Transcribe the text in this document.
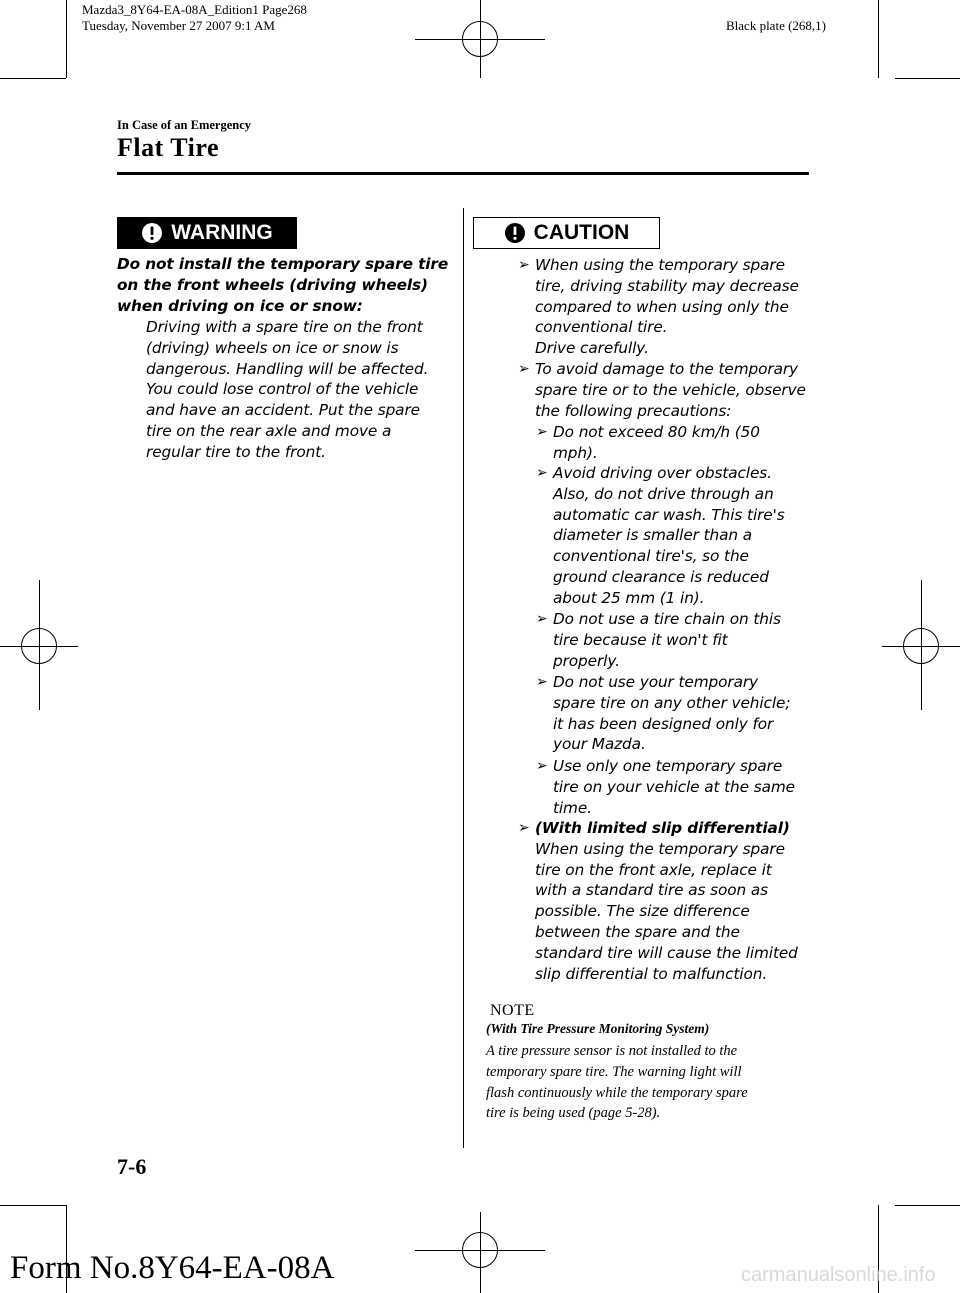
Mazda3_8Y64-EA-08A_Edition1 Page268
Tuesday, November 27 2007 9:1 AM	Black plate (268,1)
In Case of an Emergency
Flat Tire
WARNING
Do not install the temporary spare tire
on the front wheels (driving wheels)
when driving on ice or snow:
Driving with a spare tire on the front
(driving) wheels on ice or snow is
dangerous. Handling will be affected.
You could lose control of the vehicle
and have an accident. Put the spare
tire on the rear axle and move a
regular tire to the front.
CAUTION
➢ When using the temporary spare
tire, driving stability may decrease
compared to when using only the
conventional tire.
Drive carefully.
➢ To avoid damage to the temporary
spare tire or to the vehicle, observe
the following precautions:
➢ Do not exceed 80 km/h (50
mph).
➢ Avoid driving over obstacles.
Also, do not drive through an
automatic car wash. This tire's
diameter is smaller than a
conventional tire's, so the
ground clearance is reduced
about 25 mm (1 in).
➢ Do not use a tire chain on this
tire because it won't fit
properly.
➢ Do not use your temporary
spare tire on any other vehicle;
it has been designed only for
your Mazda.
➢ Use only one temporary spare
tire on your vehicle at the same
time.
➢ (With limited slip differential)
When using the temporary spare
tire on the front axle, replace it
with a standard tire as soon as
possible. The size difference
between the spare and the
standard tire will cause the limited
slip differential to malfunction.
NOTE
(With Tire Pressure Monitoring System)
A tire pressure sensor is not installed to the
temporary spare tire. The warning light will
flash continuously while the temporary spare
tire is being used (page 5-28).
7-6
Form No.8Y64-EA-08A	carmanualsonline.info
